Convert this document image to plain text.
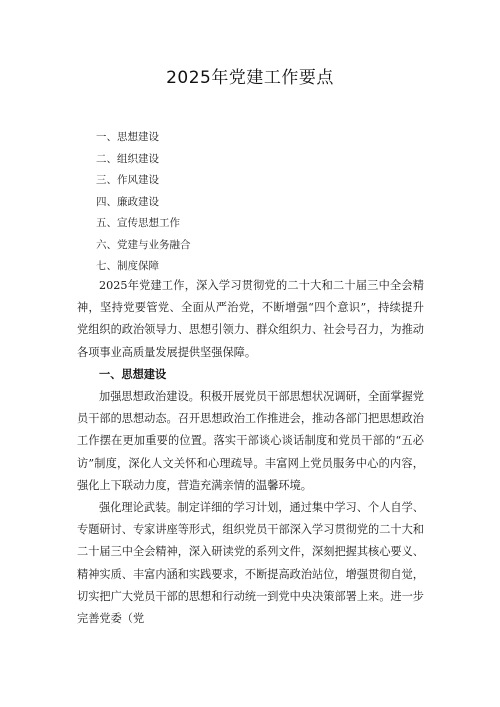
2025年党建工作要点
一、思想建设
二、组织建设
三、作风建设
四、廉政建设
五、宣传思想工作
六、党建与业务融合
七、制度保障

2025年党建工作，深入学习贯彻党的二十大和二十届三中全会精神，坚持党要管党、全面从严治党，不断增强“四个意识”，持续提升党组织的政治领导力、思想引领力、群众组织力、社会号召力，为推动各项事业高质量发展提供坚强保障。

一、思想建设

加强思想政治建设。积极开展党员干部思想状况调研，全面掌握党员干部的思想动态。召开思想政治工作推进会，推动各部门把思想政治工作摆在更加重要的位置。落实干部谈心谈话制度和党员干部的“五必访”制度，深化人文关怀和心理疏导。丰富网上党员服务中心的内容，强化上下联动力度，营造充满亲情的温馨环境。

强化理论武装。制定详细的学习计划，通过集中学习、个人自学、专题研讨、专家讲座等形式，组织党员干部深入学习贯彻党的二十大和二十届三中全会精神，深入研读党的系列文件，深刻把握其核心要义、精神实质、丰富内涵和实践要求，不断提高政治站位，增强贯彻自觉，切实把广大党员干部的思想和行动统一到党中央决策部署上来。进一步完善党委（党
